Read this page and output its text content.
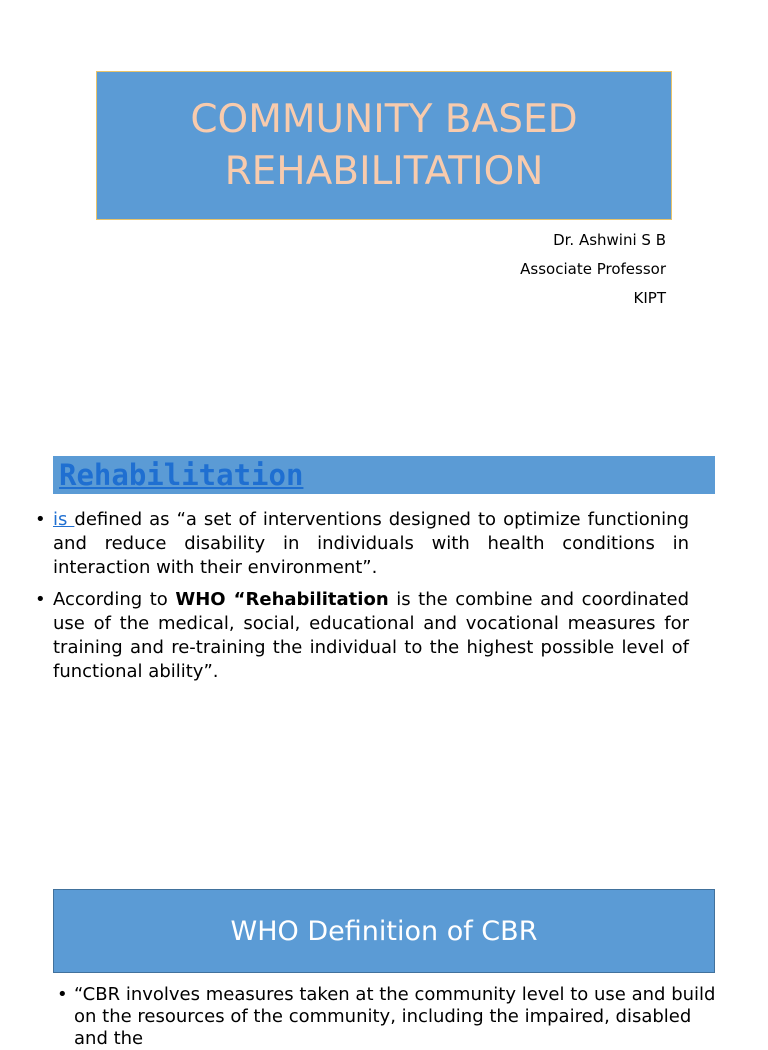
COMMUNITY BASED REHABILITATION
Dr. Ashwini S B
Associate Professor
KIPT
Rehabilitation
• is defined as “a set of interventions designed to optimize functioning and reduce disability in individuals with health conditions in interaction with their environment”.
• According to WHO “Rehabilitation is the combine and coordinated use of the medical, social, educational and vocational measures for training and re-training the individual to the highest possible level of functional ability”.
WHO Definition of CBR
• “CBR involves measures taken at the community level to use and build on the resources of the community, including the impaired, disabled and the
